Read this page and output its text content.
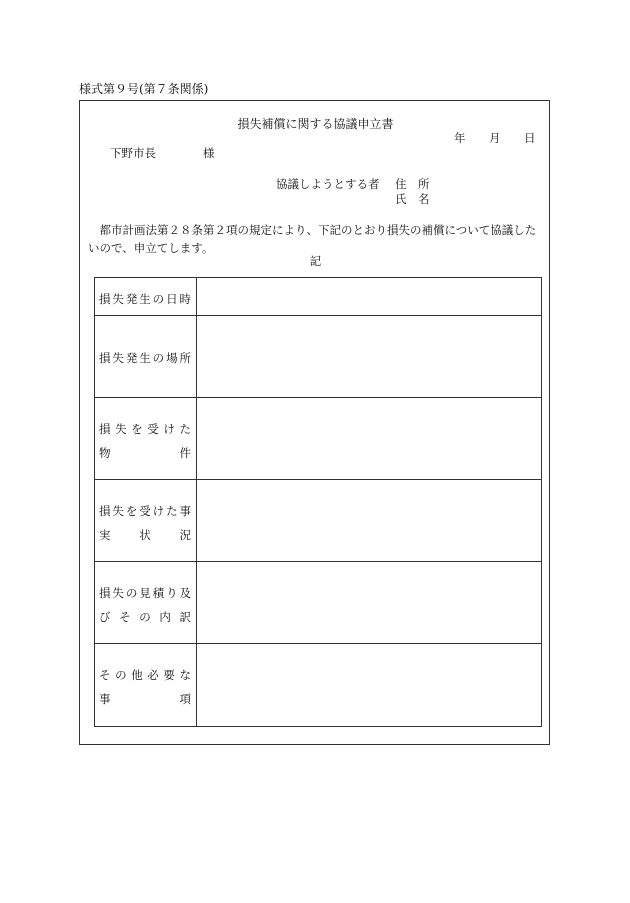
様式第９号(第７条関係)
損失補償に関する協議申立書
年 月 日
下野市長	様
協議しようとする者 住　所
氏　名
　都市計画法第２８条第２項の規定により、下記のとおり損失の補償について協議したいので、申立てします。
記
損失発生の日時
損失発生の場所
損失を受けた
物件
損失を受けた事
実状況
損失の見積り及
びその内訳
その他必要な
事項
